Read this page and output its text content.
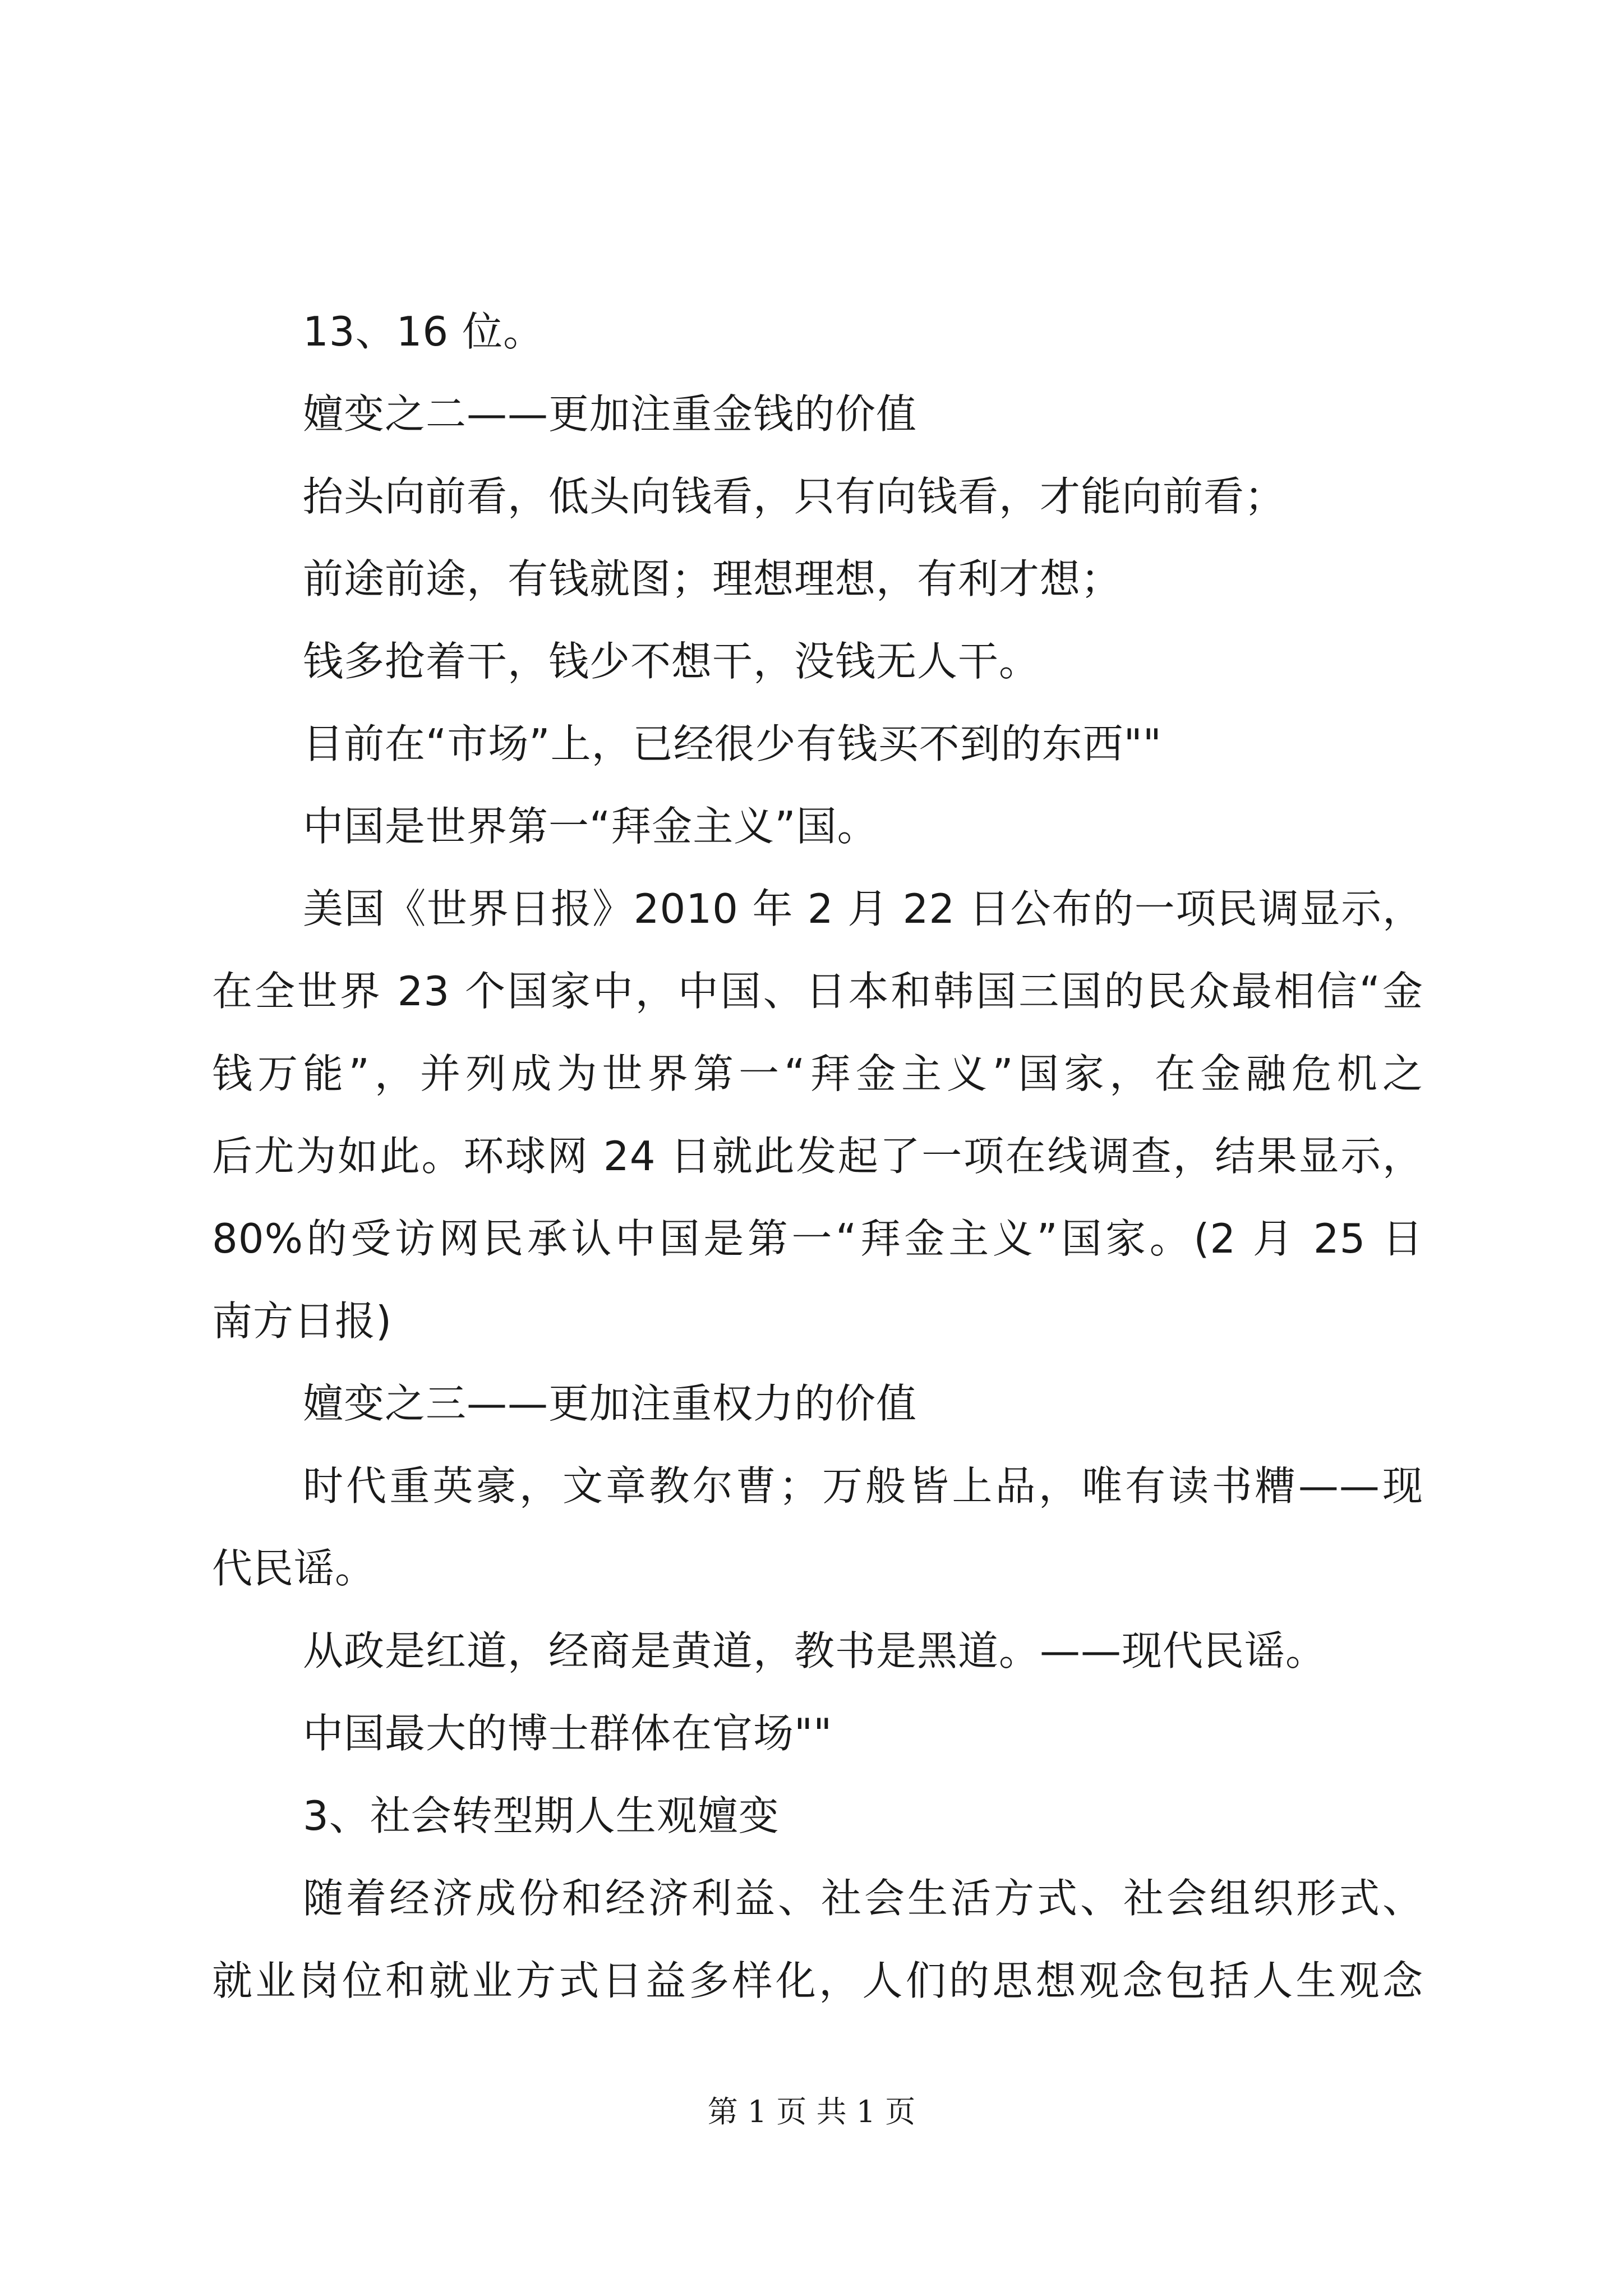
13、16 位。

嬗变之二——更加注重金钱的价值

抬头向前看，低头向钱看，只有向钱看，才能向前看；

前途前途，有钱就图；理想理想，有利才想；

钱多抢着干，钱少不想干，没钱无人干。

目前在“市场”上，已经很少有钱买不到的东西""

中国是世界第一“拜金主义”国。

美国《世界日报》2010 年 2 月 22 日公布的一项民调显示，

在全世界 23 个国家中，中国、日本和韩国三国的民众最相信“金

钱万能”，并列成为世界第一“拜金主义”国家，在金融危机之

后尤为如此。环球网 24 日就此发起了一项在线调查，结果显示，

80%的受访网民承认中国是第一“拜金主义”国家。(2 月 25 日

南方日报)

嬗变之三——更加注重权力的价值

时代重英豪，文章教尔曹；万般皆上品，唯有读书糟——现

代民谣。

从政是红道，经商是黄道，教书是黑道。——现代民谣。

中国最大的博士群体在官场""

3、社会转型期人生观嬗变

随着经济成份和经济利益、社会生活方式、社会组织形式、

就业岗位和就业方式日益多样化，人们的思想观念包括人生观念

第 1 页 共 1 页
